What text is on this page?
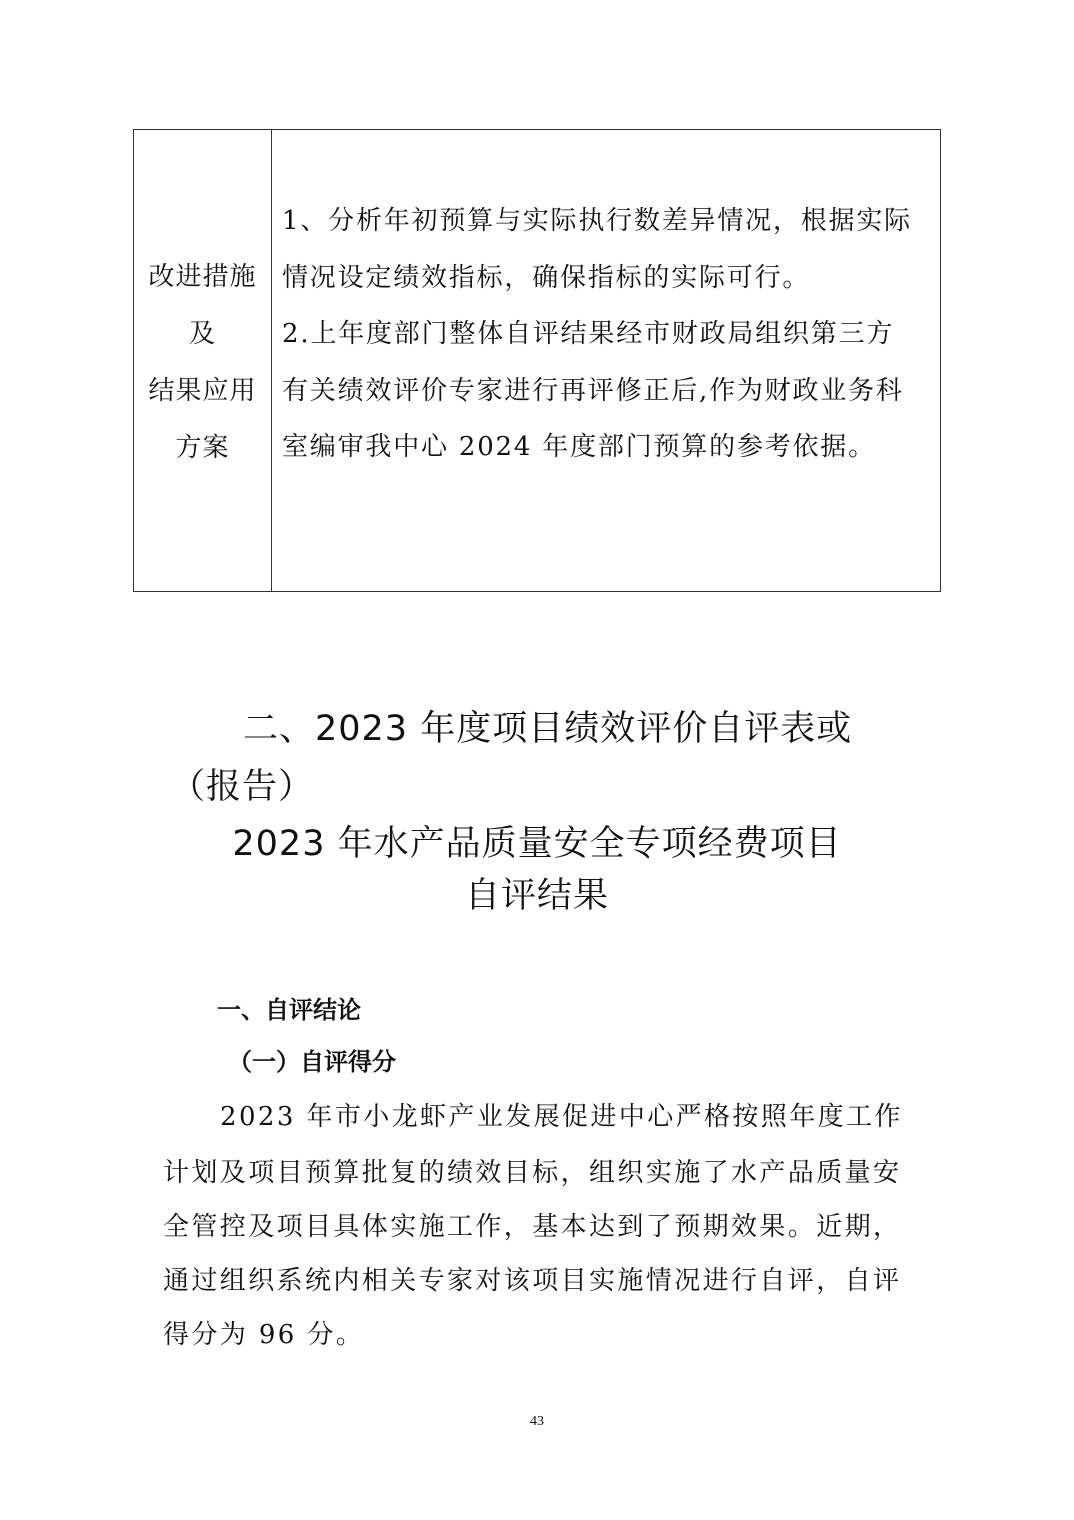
改进措施
及
结果应用
方案
1、分析年初预算与实际执行数差异情况，根据实际
情况设定绩效指标，确保指标的实际可行。
2.上年度部门整体自评结果经市财政局组织第三方
有关绩效评价专家进行再评修正后,作为财政业务科
室编审我中心 2024 年度部门预算的参考依据。
二、2023 年度项目绩效评价自评表或
（报告）
2023 年水产品质量安全专项经费项目
自评结果
一、自评结论
（一）自评得分
2023 年市小龙虾产业发展促进中心严格按照年度工作
计划及项目预算批复的绩效目标，组织实施了水产品质量安
全管控及项目具体实施工作，基本达到了预期效果。近期，
通过组织系统内相关专家对该项目实施情况进行自评，自评
得分为 96 分。
43
